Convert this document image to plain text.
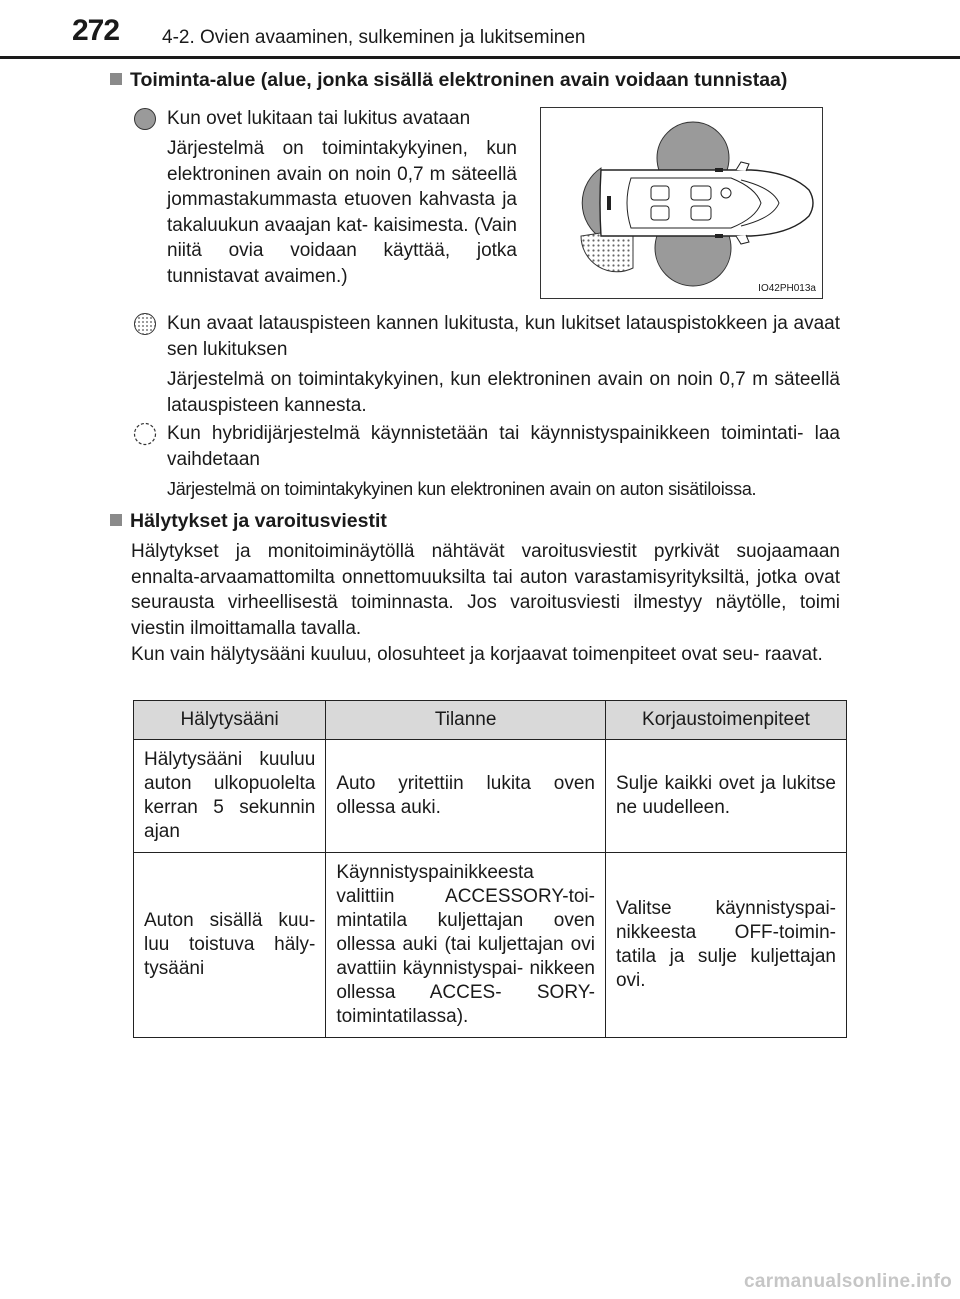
272 4-2. Ovien avaaminen, sulkeminen ja lukitseminen
Toiminta-alue (alue, jonka sisällä elektroninen avain voidaan tunnistaa)
Kun ovet lukitaan tai lukitus avataan
Järjestelmä on toimintakykyinen, kun elektroninen avain on noin 0,7 m säteellä jommastakummasta etuoven kahvasta ja takaluukun avaajan kat- kaisimesta. (Vain niitä ovia voidaan käyttää, jotka tunnistavat avaimen.)
IO42PH013a
Kun avaat latauspisteen kannen lukitusta, kun lukitset latauspistokkeen ja avaat sen lukituksen
Järjestelmä on toimintakykyinen, kun elektroninen avain on noin 0,7 m säteellä latauspisteen kannesta.
Kun hybridijärjestelmä käynnistetään tai käynnistyspainikkeen toimintati- laa vaihdetaan
Järjestelmä on toimintakykyinen kun elektroninen avain on auton sisätiloissa.
Hälytykset ja varoitusviestit
Hälytykset ja monitoiminäytöllä nähtävät varoitusviestit pyrkivät suojaamaan ennalta-arvaamattomilta onnettomuuksilta tai auton varastamisyrityksiltä, jotka ovat seurausta virheellisestä toiminnasta. Jos varoitusviesti ilmestyy näytölle, toimi viestin ilmoittamalla tavalla.
Kun vain hälytysääni kuuluu, olosuhteet ja korjaavat toimenpiteet ovat seu- raavat.
Hälytysääni	Tilanne	Korjaustoimenpiteet
Hälytysääni kuuluu auton ulkopuolelta kerran 5 sekunnin ajan	Auto yritettiin lukita oven ollessa auki.	Sulje kaikki ovet ja lukitse ne uudelleen.
Auton sisällä kuu- luu toistuva häly- tysääni	Käynnistyspainikkeesta valittiin ACCESSORY-toi- mintatila kuljettajan oven ollessa auki (tai kuljettajan ovi avattiin käynnistyspai- nikkeen ollessa ACCES- SORY-toimintatilassa).	Valitse käynnistyspai- nikkeesta OFF-toimin- tatila ja sulje kuljettajan ovi.
carmanualsonline.info
